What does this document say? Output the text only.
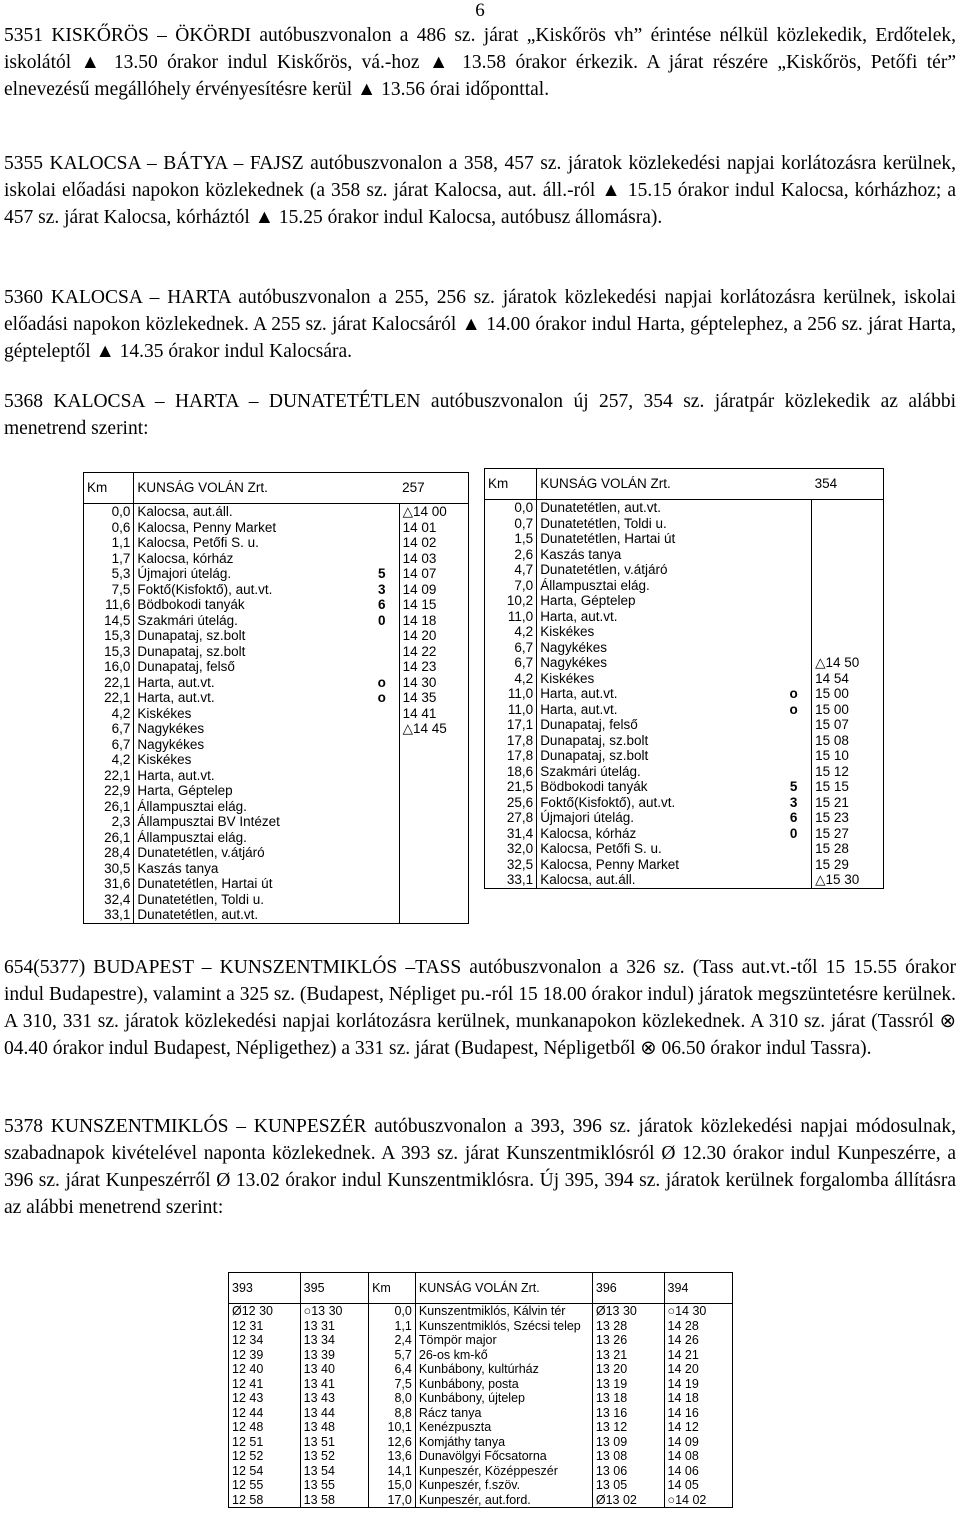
6

5351 KISKŐRÖS – ÖKÖRDI autóbuszvonalon a 486 sz. járat „Kiskőrös vh” érintése nélkül közlekedik, Erdőtelek, iskolától ▲ 13.50 órakor indul Kiskőrös, vá.-hoz ▲ 13.58 órakor érkezik. A járat részére „Kiskőrös, Petőfi tér” elnevezésű megállóhely érvényesítésre kerül ▲ 13.56 órai időponttal.

5355 KALOCSA – BÁTYA – FAJSZ autóbuszvonalon a 358, 457 sz. járatok közlekedési napjai korlátozásra kerülnek, iskolai előadási napokon közlekednek (a 358 sz. járat Kalocsa, aut. áll.-ról ▲ 15.15 órakor indul Kalocsa, kórházhoz; a 457 sz. járat Kalocsa, kórháztól ▲ 15.25 órakor indul Kalocsa, autóbusz állomásra).

5360 KALOCSA – HARTA autóbuszvonalon a 255, 256 sz. járatok közlekedési napjai korlátozásra kerülnek, iskolai előadási napokon közlekednek. A 255 sz. járat Kalocsáról ▲ 14.00 órakor indul Harta, géptelephez, a 256 sz. járat Harta, gépteleptől ▲ 14.35 órakor indul Kalocsára.

5368 KALOCSA – HARTA – DUNATETÉTLEN autóbuszvonalon új 257, 354 sz. járatpár közlekedik az alábbi menetrend szerint:

Km	KUNSÁG VOLÁN Zrt.		257
0,0	Kalocsa, aut.áll.		△14 00
0,6	Kalocsa, Penny Market		14 01
1,1	Kalocsa, Petőfi S. u.		14 02
1,7	Kalocsa, kórház		14 03
5,3	Újmajori útelág.	5	14 07
7,5	Foktő(Kisfoktő), aut.vt.	3	14 09
11,6	Bödbokodi tanyák	6	14 15
14,5	Szakmári útelág.	0	14 18
15,3	Dunapataj, sz.bolt		14 20
15,3	Dunapataj, sz.bolt		14 22
16,0	Dunapataj, felső		14 23
22,1	Harta, aut.vt.	o	14 30
22,1	Harta, aut.vt.	o	14 35
4,2	Kiskékes		14 41
6,7	Nagykékes		△14 45
6,7	Nagykékes		
4,2	Kiskékes		
22,1	Harta, aut.vt.		
22,9	Harta, Géptelep		
26,1	Állampusztai elág.		
2,3	Állampusztai BV Intézet		
26,1	Állampusztai elág.		
28,4	Dunatetétlen, v.átjáró		
30,5	Kaszás tanya		
31,6	Dunatetétlen, Hartai út		
32,4	Dunatetétlen, Toldi u.		
33,1	Dunatetétlen, aut.vt.		
Km	KUNSÁG VOLÁN Zrt.		354
0,0	Dunatetétlen, aut.vt.		
0,7	Dunatetétlen, Toldi u.		
1,5	Dunatetétlen, Hartai út		
2,6	Kaszás tanya		
4,7	Dunatetétlen, v.átjáró		
7,0	Állampusztai elág.		
10,2	Harta, Géptelep		
11,0	Harta, aut.vt.		
4,2	Kiskékes		
6,7	Nagykékes		
6,7	Nagykékes		△14 50
4,2	Kiskékes		14 54
11,0	Harta, aut.vt.	o	15 00
11,0	Harta, aut.vt.	o	15 00
17,1	Dunapataj, felső		15 07
17,8	Dunapataj, sz.bolt		15 08
17,8	Dunapataj, sz.bolt		15 10
18,6	Szakmári útelág.		15 12
21,5	Bödbokodi tanyák	5	15 15
25,6	Foktő(Kisfoktő), aut.vt.	3	15 21
27,8	Újmajori útelág.	6	15 23
31,4	Kalocsa, kórház	0	15 27
32,0	Kalocsa, Petőfi S. u.		15 28
32,5	Kalocsa, Penny Market		15 29
33,1	Kalocsa, aut.áll.		△15 30

654(5377) BUDAPEST – KUNSZENTMIKLÓS –TASS autóbuszvonalon a 326 sz. (Tass aut.vt.-től 15 15.55 órakor indul Budapestre), valamint a 325 sz. (Budapest, Népliget pu.-ról 15 18.00 órakor indul) járatok megszüntetésre kerülnek. A 310, 331 sz. járatok közlekedési napjai korlátozásra kerülnek, munkanapokon közlekednek. A 310 sz. járat (Tassról ⊗ 04.40 órakor indul Budapest, Népligethez) a 331 sz. járat (Budapest, Népligetből ⊗ 06.50 órakor indul Tassra).

5378 KUNSZENTMIKLÓS – KUNPESZÉR autóbuszvonalon a 393, 396 sz. járatok közlekedési napjai módosulnak, szabadnapok kivételével naponta közlekednek. A 393 sz. járat Kunszentmiklósról Ø 12.30 órakor indul Kunpeszérre, a 396 sz. járat Kunpeszérről Ø 13.02 órakor indul Kunszentmiklósra. Új 395, 394 sz. járatok kerülnek forgalomba állításra az alábbi menetrend szerint:

393	395	Km	KUNSÁG VOLÁN Zrt.	396	394
Ø12 30	○13 30	0,0	Kunszentmiklós, Kálvin tér	Ø13 30	○14 30
12 31	13 31	1,1	Kunszentmiklós, Szécsi telep	13 28	14 28
12 34	13 34	2,4	Tömpör major	13 26	14 26
12 39	13 39	5,7	26-os km-kő	13 21	14 21
12 40	13 40	6,4	Kunbábony, kultúrház	13 20	14 20
12 41	13 41	7,5	Kunbábony, posta	13 19	14 19
12 43	13 43	8,0	Kunbábony, újtelep	13 18	14 18
12 44	13 44	8,8	Rácz tanya	13 16	14 16
12 48	13 48	10,1	Kenézpuszta	13 12	14 12
12 51	13 51	12,6	Komjáthy tanya	13 09	14 09
12 52	13 52	13,6	Dunavölgyi Főcsatorna	13 08	14 08
12 54	13 54	14,1	Kunpeszér, Középpeszér	13 06	14 06
12 55	13 55	15,0	Kunpeszér, f.szöv.	13 05	14 05
12 58	13 58	17,0	Kunpeszér, aut.ford.	Ø13 02	○14 02
